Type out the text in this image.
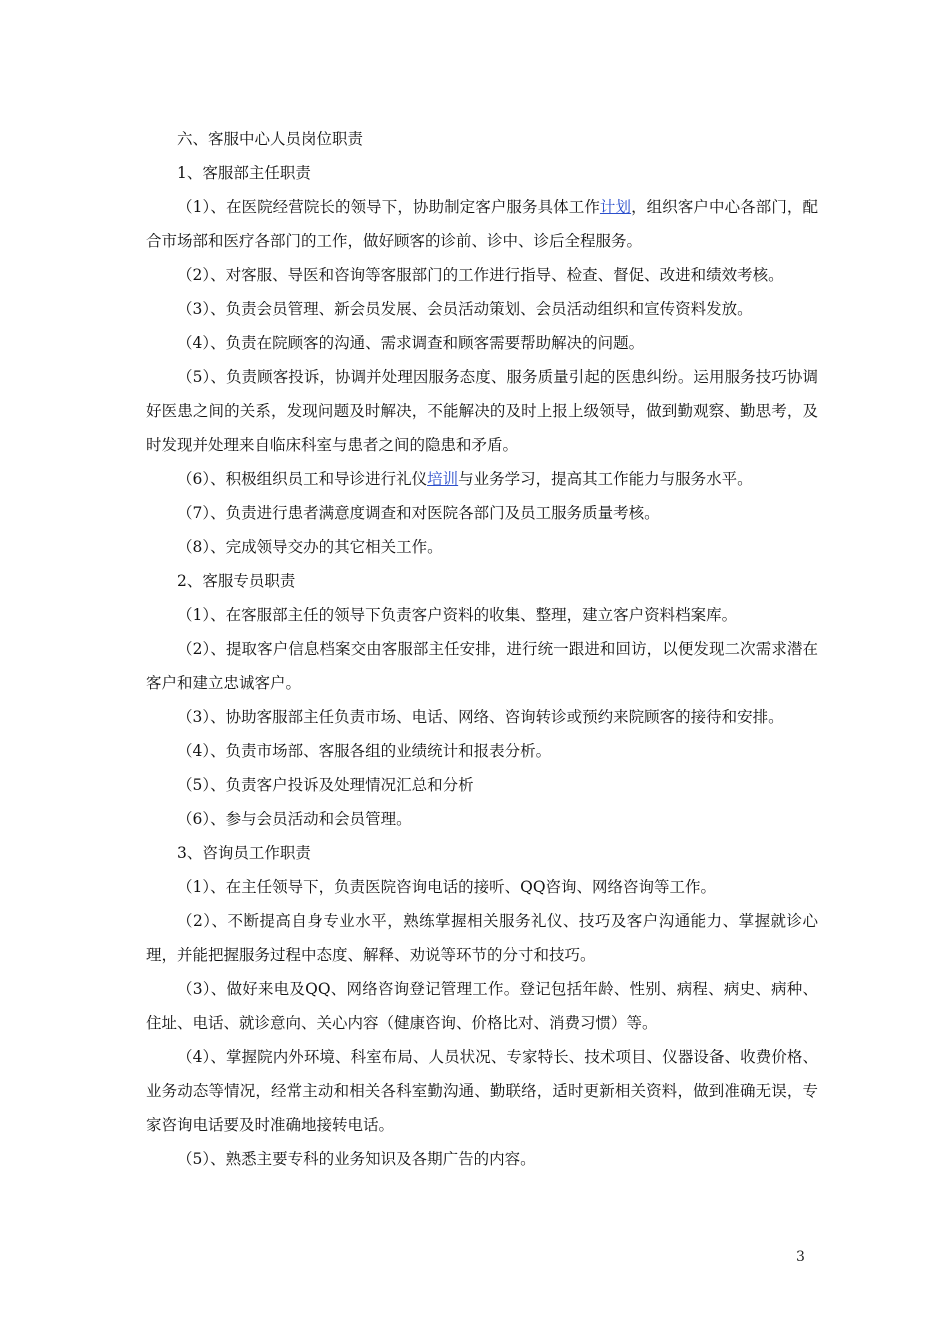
六、客服中心人员岗位职责

1、客服部主任职责

（1）、在医院经营院长的领导下，协助制定客户服务具体工作计划，组织客户中心各部门，配合市场部和医疗各部门的工作，做好顾客的诊前、诊中、诊后全程服务。

（2）、对客服、导医和咨询等客服部门的工作进行指导、检查、督促、改进和绩效考核。

（3）、负责会员管理、新会员发展、会员活动策划、会员活动组织和宣传资料发放。

（4）、负责在院顾客的沟通、需求调查和顾客需要帮助解决的问题。

（5）、负责顾客投诉，协调并处理因服务态度、服务质量引起的医患纠纷。运用服务技巧协调好医患之间的关系，发现问题及时解决，不能解决的及时上报上级领导，做到勤观察、勤思考，及时发现并处理来自临床科室与患者之间的隐患和矛盾。

（6）、积极组织员工和导诊进行礼仪培训与业务学习，提高其工作能力与服务水平。

（7）、负责进行患者满意度调查和对医院各部门及员工服务质量考核。

（8）、完成领导交办的其它相关工作。

2、客服专员职责

（1）、在客服部主任的领导下负责客户资料的收集、整理，建立客户资料档案库。

（2）、提取客户信息档案交由客服部主任安排，进行统一跟进和回访，以便发现二次需求潜在客户和建立忠诚客户。

（3）、协助客服部主任负责市场、电话、网络、咨询转诊或预约来院顾客的接待和安排。

（4）、负责市场部、客服各组的业绩统计和报表分析。

（5）、负责客户投诉及处理情况汇总和分析

（6）、参与会员活动和会员管理。

3、咨询员工作职责

（1）、在主任领导下，负责医院咨询电话的接听、QQ咨询、网络咨询等工作。

（2）、不断提高自身专业水平，熟练掌握相关服务礼仪、技巧及客户沟通能力、掌握就诊心理，并能把握服务过程中态度、解释、劝说等环节的分寸和技巧。

（3）、做好来电及QQ、网络咨询登记管理工作。登记包括年龄、性别、病程、病史、病种、住址、电话、就诊意向、关心内容（健康咨询、价格比对、消费习惯）等。

（4）、掌握院内外环境、科室布局、人员状况、专家特长、技术项目、仪器设备、收费价格、业务动态等情况，经常主动和相关各科室勤沟通、勤联络，适时更新相关资料，做到准确无误，专家咨询电话要及时准确地接转电话。

（5）、熟悉主要专科的业务知识及各期广告的内容。

3
